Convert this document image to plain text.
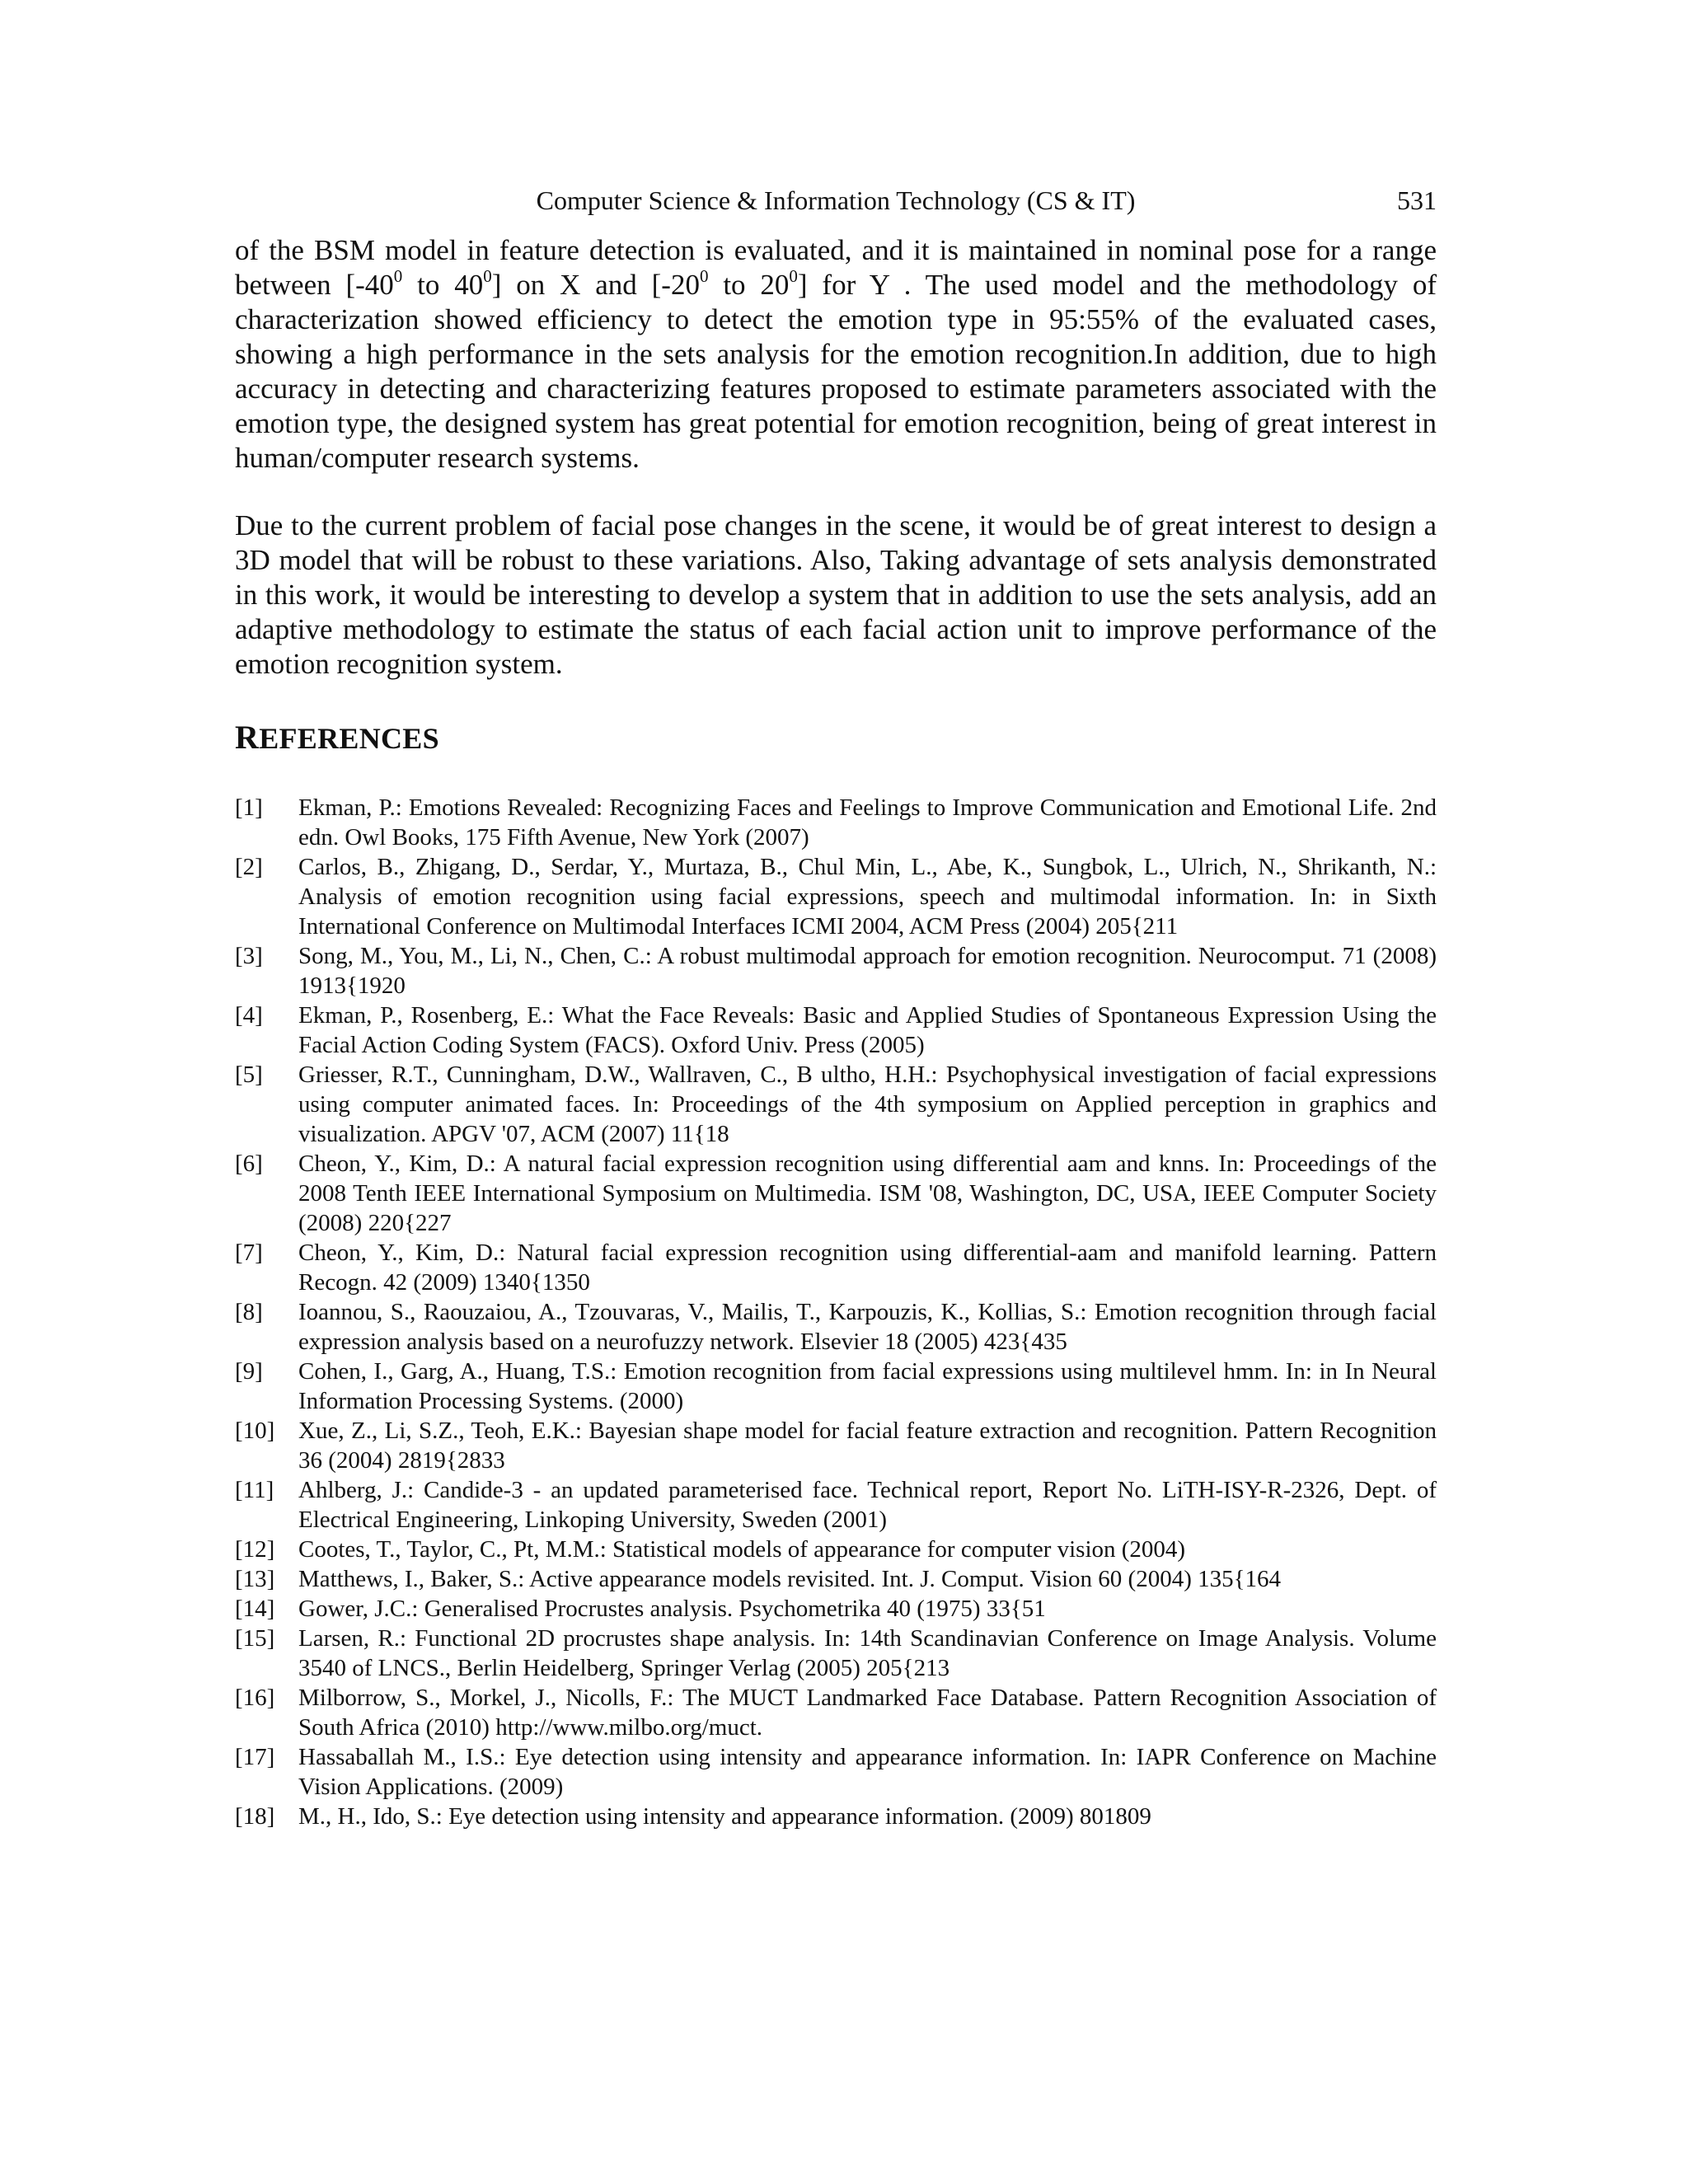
Computer Science & Information Technology (CS & IT)	531

of the BSM model in feature detection is evaluated, and it is maintained in nominal pose for a range between [$-40^0$ to $40^0$] on X and [$-20^0$ to $20^0$] for Y . The used model and the methodology of characterization showed efficiency to detect the emotion type in 95:55% of the evaluated cases, showing a high performance in the sets analysis for the emotion recognition.In addition, due to high accuracy in detecting and characterizing features proposed to estimate parameters associated with the emotion type, the designed system has great potential for emotion recognition, being of great interest in human/computer research systems.

Due to the current problem of facial pose changes in the scene, it would be of great interest to design a 3D model that will be robust to these variations. Also, Taking advantage of sets analysis demonstrated in this work, it would be interesting to develop a system that in addition to use the sets analysis, add an adaptive methodology to estimate the status of each facial action unit to improve performance of the emotion recognition system.

REFERENCES
[1] Ekman, P.: Emotions Revealed: Recognizing Faces and Feelings to Improve Communication and Emotional Life. 2nd edn. Owl Books, 175 Fifth Avenue, New York (2007)
[2] Carlos, B., Zhigang, D., Serdar, Y., Murtaza, B., Chul Min, L., Abe, K., Sungbok, L., Ulrich, N., Shrikanth, N.: Analysis of emotion recognition using facial expressions, speech and multimodal information. In: in Sixth International Conference on Multimodal Interfaces ICMI 2004, ACM Press (2004) 205{211
[3] Song, M., You, M., Li, N., Chen, C.: A robust multimodal approach for emotion recognition. Neurocomput. 71 (2008) 1913{1920
[4] Ekman, P., Rosenberg, E.: What the Face Reveals: Basic and Applied Studies of Spontaneous Expression Using the Facial Action Coding System (FACS). Oxford Univ. Press (2005)
[5] Griesser, R.T., Cunningham, D.W., Wallraven, C., B ultho, H.H.: Psychophysical investigation of facial expressions using computer animated faces. In: Proceedings of the 4th symposium on Applied perception in graphics and visualization. APGV '07, ACM (2007) 11{18
[6] Cheon, Y., Kim, D.: A natural facial expression recognition using differential aam and knns. In: Proceedings of the 2008 Tenth IEEE International Symposium on Multimedia. ISM '08, Washington, DC, USA, IEEE Computer Society (2008) 220{227
[7] Cheon, Y., Kim, D.: Natural facial expression recognition using differential-aam and manifold learning. Pattern Recogn. 42 (2009) 1340{1350
[8] Ioannou, S., Raouzaiou, A., Tzouvaras, V., Mailis, T., Karpouzis, K., Kollias, S.: Emotion recognition through facial expression analysis based on a neurofuzzy network. Elsevier 18 (2005) 423{435
[9] Cohen, I., Garg, A., Huang, T.S.: Emotion recognition from facial expressions using multilevel hmm. In: in In Neural Information Processing Systems. (2000)
[10] Xue, Z., Li, S.Z., Teoh, E.K.: Bayesian shape model for facial feature extraction and recognition. Pattern Recognition 36 (2004) 2819{2833
[11] Ahlberg, J.: Candide-3 - an updated parameterised face. Technical report, Report No. LiTH-ISY-R-2326, Dept. of Electrical Engineering, Linkoping University, Sweden (2001)
[12] Cootes, T., Taylor, C., Pt, M.M.: Statistical models of appearance for computer vision (2004)
[13] Matthews, I., Baker, S.: Active appearance models revisited. Int. J. Comput. Vision 60 (2004) 135{164
[14] Gower, J.C.: Generalised Procrustes analysis. Psychometrika 40 (1975) 33{51
[15] Larsen, R.: Functional 2D procrustes shape analysis. In: 14th Scandinavian Conference on Image Analysis. Volume 3540 of LNCS., Berlin Heidelberg, Springer Verlag (2005) 205{213
[16] Milborrow, S., Morkel, J., Nicolls, F.: The MUCT Landmarked Face Database. Pattern Recognition Association of South Africa (2010) http://www.milbo.org/muct.
[17] Hassaballah M., I.S.: Eye detection using intensity and appearance information. In: IAPR Conference on Machine Vision Applications. (2009)
[18] M., H., Ido, S.: Eye detection using intensity and appearance information. (2009) 801809
